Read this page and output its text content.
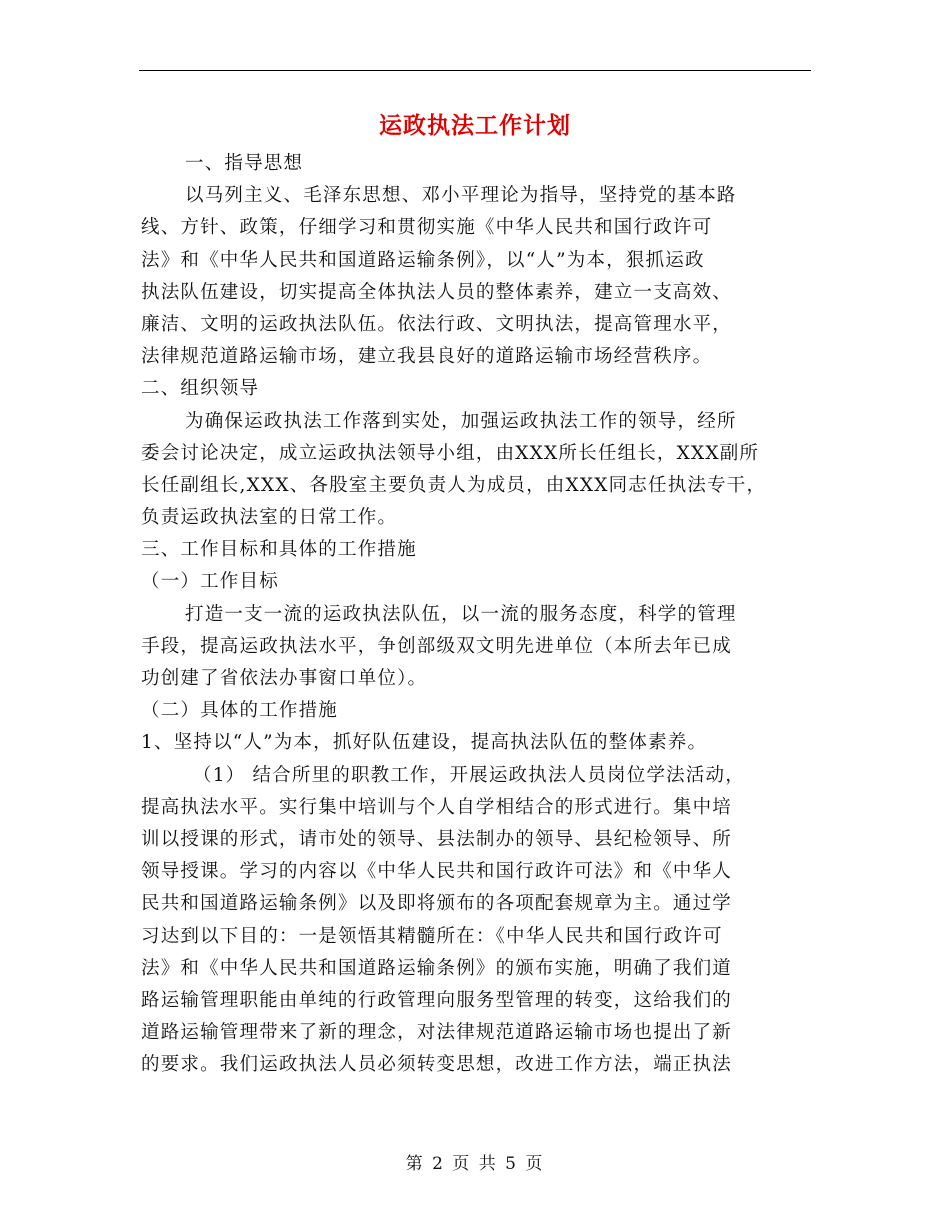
运政执法工作计划
一、指导思想
以马列主义、毛泽东思想、邓小平理论为指导，坚持党的基本路
线、方针、政策，仔细学习和贯彻实施《中华人民共和国行政许可
法》和《中华人民共和国道路运输条例》，以“人”为本，狠抓运政
执法队伍建设，切实提高全体执法人员的整体素养，建立一支高效、
廉洁、文明的运政执法队伍。依法行政、文明执法，提高管理水平，
法律规范道路运输市场，建立我县良好的道路运输市场经营秩序。
二、组织领导
为确保运政执法工作落到实处，加强运政执法工作的领导，经所
委会讨论决定，成立运政执法领导小组，由XXX所长任组长，XXX副所
长任副组长,XXX、各股室主要负责人为成员，由XXX同志任执法专干，
负责运政执法室的日常工作。
三、工作目标和具体的工作措施
（一）工作目标
打造一支一流的运政执法队伍，以一流的服务态度，科学的管理
手段，提高运政执法水平，争创部级双文明先进单位（本所去年已成
功创建了省依法办事窗口单位）。
（二）具体的工作措施
1、坚持以“人”为本，抓好队伍建设，提高执法队伍的整体素养。
（1） 结合所里的职教工作，开展运政执法人员岗位学法活动，
提高执法水平。实行集中培训与个人自学相结合的形式进行。集中培
训以授课的形式，请市处的领导、县法制办的领导、县纪检领导、所
领导授课。学习的内容以《中华人民共和国行政许可法》和《中华人
民共和国道路运输条例》以及即将颁布的各项配套规章为主。通过学
习达到以下目的：一是领悟其精髓所在：《中华人民共和国行政许可
法》和《中华人民共和国道路运输条例》的颁布实施，明确了我们道
路运输管理职能由单纯的行政管理向服务型管理的转变，这给我们的
道路运输管理带来了新的理念，对法律规范道路运输市场也提出了新
的要求。我们运政执法人员必须转变思想，改进工作方法，端正执法
第 2 页 共 5 页
